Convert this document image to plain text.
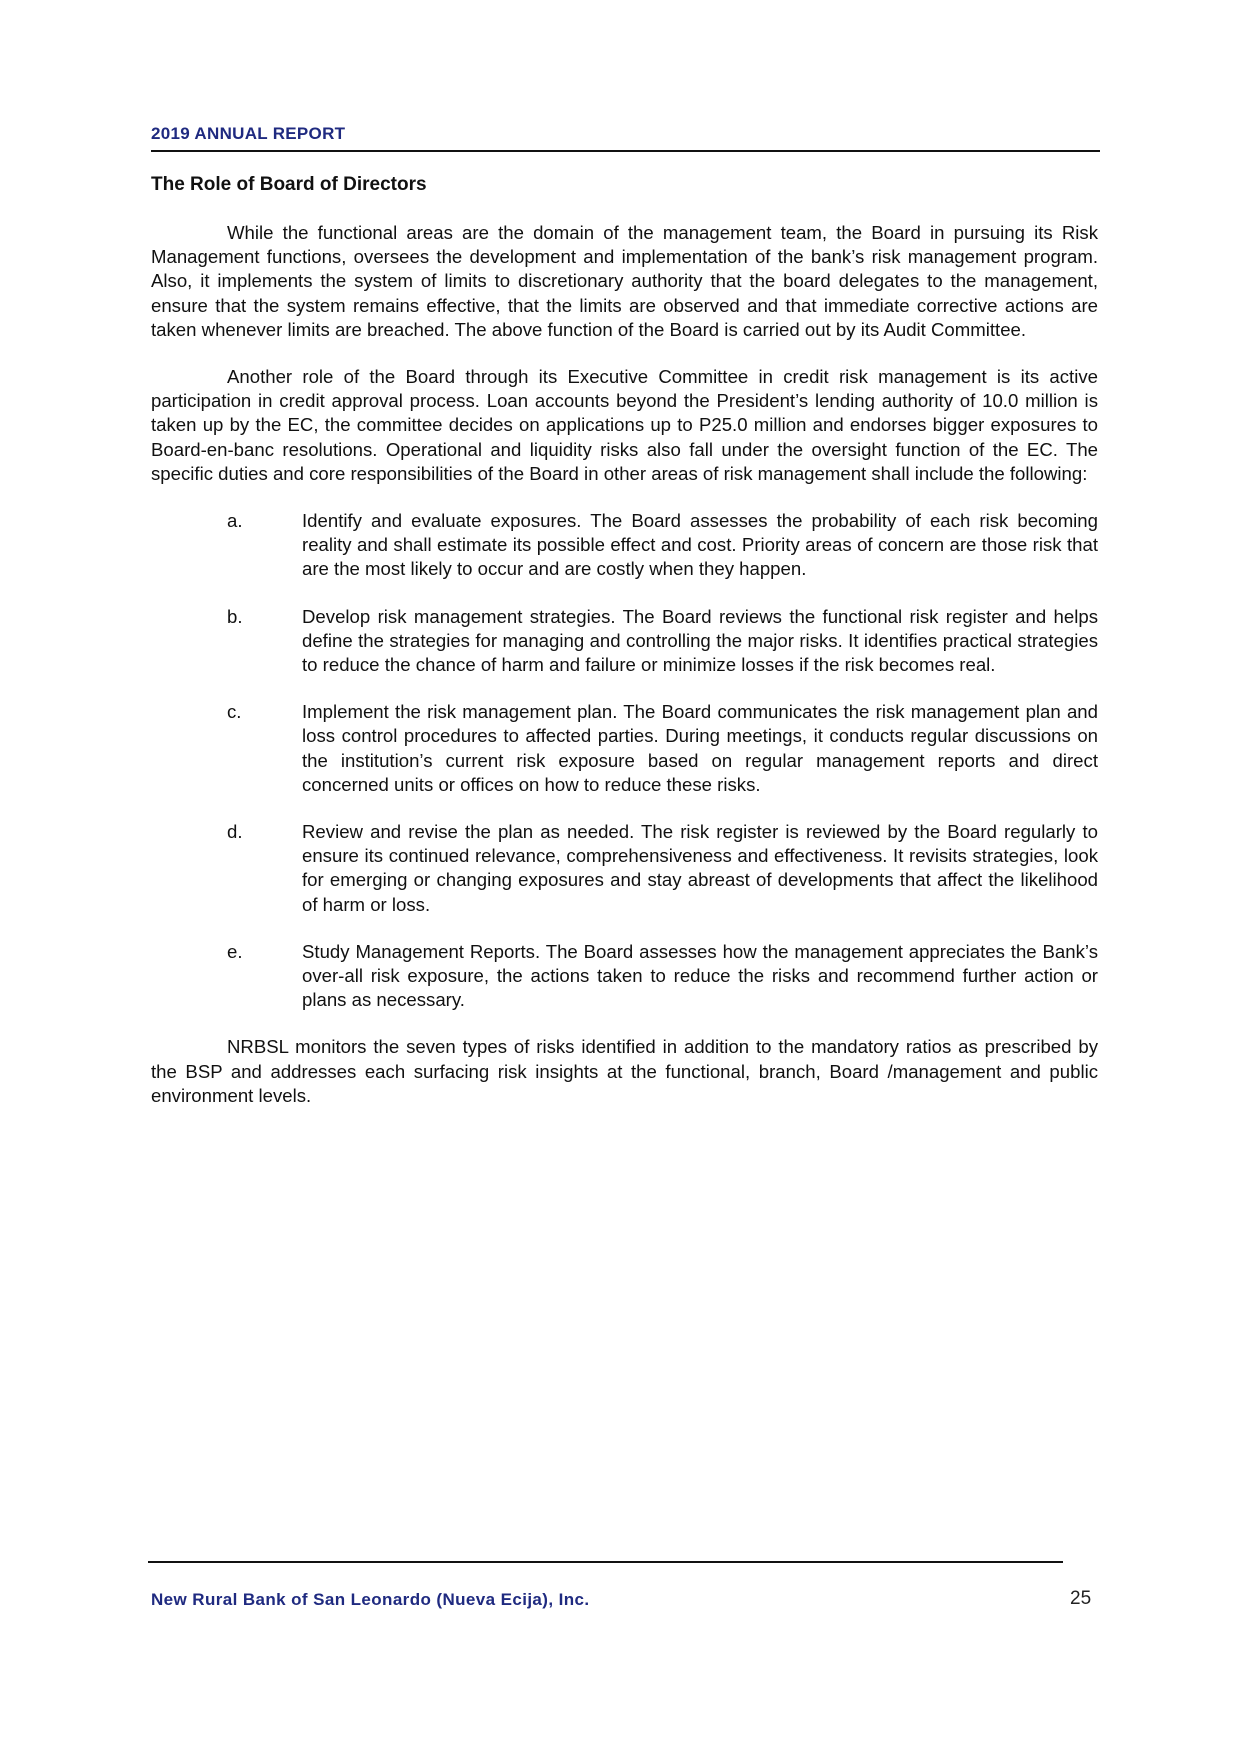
2019 ANNUAL REPORT
The Role of Board of Directors

While the functional areas are the domain of the management team, the Board in pursuing its Risk Management functions, oversees the development and implementation of the bank’s risk management program. Also, it implements the system of limits to discretionary authority that the board delegates to the management, ensure that the system remains effective, that the limits are observed and that immediate corrective actions are taken whenever limits are breached. The above function of the Board is carried out by its Audit Committee.

Another role of the Board through its Executive Committee in credit risk management is its active participation in credit approval process. Loan accounts beyond the President’s lending authority of 10.0 million is taken up by the EC, the committee decides on applications up to P25.0 million and endorses bigger exposures to Board-en-banc resolutions. Operational and liquidity risks also fall under the oversight function of the EC. The specific duties and core responsibilities of the Board in other areas of risk management shall include the following:

a.	Identify and evaluate exposures. The Board assesses the probability of each risk becoming reality and shall estimate its possible effect and cost. Priority areas of concern are those risk that are the most likely to occur and are costly when they happen.
b.	Develop risk management strategies. The Board reviews the functional risk register and helps define the strategies for managing and controlling the major risks. It identifies practical strategies to reduce the chance of harm and failure or minimize losses if the risk becomes real.
c.	Implement the risk management plan. The Board communicates the risk management plan and loss control procedures to affected parties. During meetings, it conducts regular discussions on the institution’s current risk exposure based on regular management reports and direct concerned units or offices on how to reduce these risks.
d.	Review and revise the plan as needed. The risk register is reviewed by the Board regularly to ensure its continued relevance, comprehensiveness and effectiveness. It revisits strategies, look for emerging or changing exposures and stay abreast of developments that affect the likelihood of harm or loss.
e.	Study Management Reports. The Board assesses how the management appreciates the Bank’s over-all risk exposure, the actions taken to reduce the risks and recommend further action or plans as necessary.

NRBSL monitors the seven types of risks identified in addition to the mandatory ratios as prescribed by the BSP and addresses each surfacing risk insights at the functional, branch, Board /management and public environment levels.

New Rural Bank of San Leonardo (Nueva Ecija), Inc.	25
